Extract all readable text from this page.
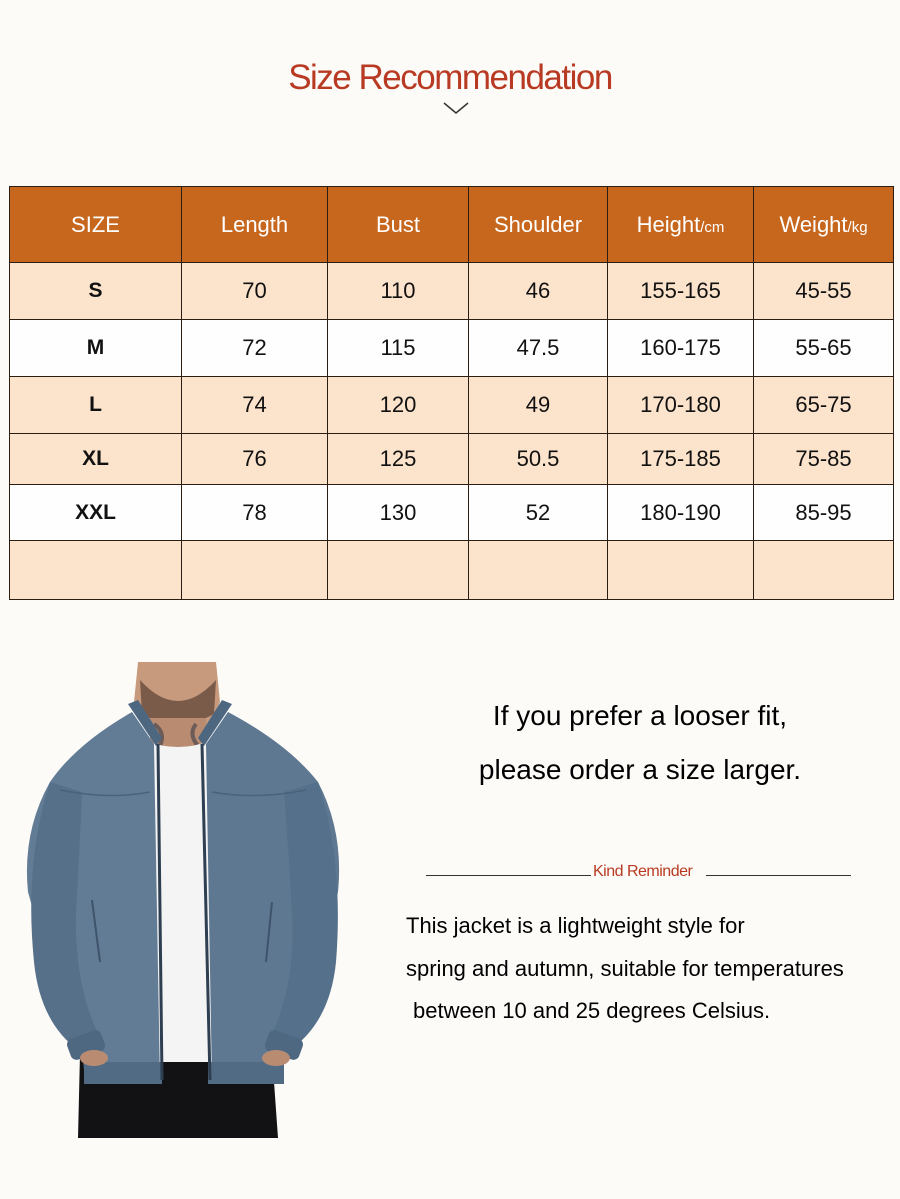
Size Recommendation
SIZE	Length	Bust	Shoulder	Height/cm	Weight/kg
S	70	110	46	155-165	45-55
M	72	115	47.5	160-175	55-65
L	74	120	49	170-180	65-75
XL	76	125	50.5	175-185	75-85
XXL	78	130	52	180-190	85-95

If you prefer a looser fit,
please order a size larger.
Kind Reminder
This jacket is a lightweight style for
spring and autumn, suitable for temperatures
between 10 and 25 degrees Celsius.
